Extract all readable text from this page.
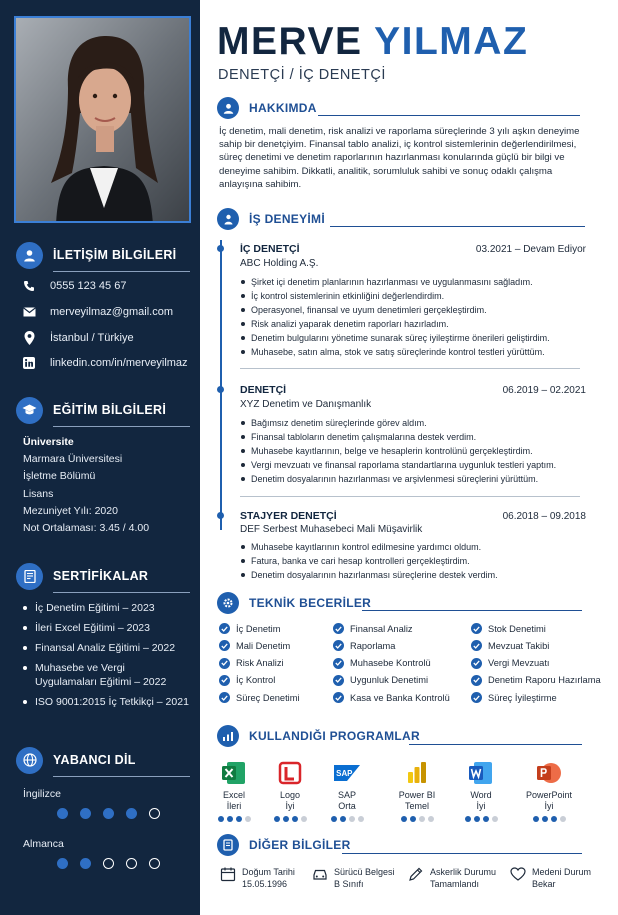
İLETİŞİM BİLGİLERİ
0555 123 45 67
merveyilmaz@gmail.com
İstanbul / Türkiye
linkedin.com/in/merveyilmaz
EĞİTİM BİLGİLERİ
Üniversite
Marmara Üniversitesi
İşletme Bölümü
Lisans
Mezuniyet Yılı: 2020
Not Ortalaması: 3.45 / 4.00
SERTİFİKALAR
İç Denetim Eğitimi – 2023
İleri Excel Eğitimi – 2023
Finansal Analiz Eğitimi – 2022
Muhasebe ve Vergi Uygulamaları Eğitimi – 2022
ISO 9001:2015 İç Tetkikçi – 2021
YABANCI DİL
İngilizce
Almanca
MERVE YILMAZ
DENETÇİ / İÇ DENETÇİ
HAKKIMDA
İç denetim, mali denetim, risk analizi ve raporlama süreçlerinde 3 yılı aşkın deneyime sahip bir denetçiyim. Finansal tablo analizi, iç kontrol sistemlerinin değerlendirilmesi, süreç denetimi ve denetim raporlarının hazırlanması konularında güçlü bir bilgi ve deneyime sahibim. Dikkatli, analitik, sorumluluk sahibi ve sonuç odaklı çalışma anlayışına sahibim.
İŞ DENEYİMİ
İÇ DENETÇİ	03.2021 – Devam Ediyor
ABC Holding A.Ş.
Şirket içi denetim planlarının hazırlanması ve uygulanmasını sağladım.
İç kontrol sistemlerinin etkinliğini değerlendirdim.
Operasyonel, finansal ve uyum denetimleri gerçekleştirdim.
Risk analizi yaparak denetim raporları hazırladım.
Denetim bulgularını yönetime sunarak süreç iyileştirme önerileri geliştirdim.
Muhasebe, satın alma, stok ve satış süreçlerinde kontrol testleri yürüttüm.
DENETÇİ	06.2019 – 02.2021
XYZ Denetim ve Danışmanlık
Bağımsız denetim süreçlerinde görev aldım.
Finansal tabloların denetim çalışmalarına destek verdim.
Muhasebe kayıtlarının, belge ve hesaplerin kontrolünü gerçekleştirdim.
Vergi mevzuatı ve finansal raporlama standartlarına uygunluk testleri yaptım.
Denetim dosyalarının hazırlanması ve arşivlenmesi süreçlerini yürüttüm.
STAJYER DENETÇİ	06.2018 – 09.2018
DEF Serbest Muhasebeci Mali Müşavirlik
Muhasebe kayıtlarının kontrol edilmesine yardımcı oldum.
Fatura, banka ve cari hesap kontrolleri gerçekleştirdim.
Denetim dosyalarının hazırlanması süreçlerine destek verdim.
TEKNİK BECERİLER
İç Denetim
Mali Denetim
Risk Analizi
İç Kontrol
Süreç Denetimi
Finansal Analiz
Raporlama
Muhasebe Kontrolü
Uygunluk Denetimi
Kasa ve Banka Kontrolü
Stok Denetimi
Mevzuat Takibi
Vergi Mevzuatı
Denetim Raporu Hazırlama
Süreç İyileştirme
KULLANDIĞI PROGRAMLAR
Excel
İleri
Logo
İyi
SAP
SAP
Orta
Power BI
Temel
Word
İyi
PowerPoint
İyi
DİĞER BİLGİLER
Doğum Tarihi
15.05.1996
Sürücü Belgesi
B Sınıfı
Askerlik Durumu
Tamamlandı
Medeni Durum
Bekar
